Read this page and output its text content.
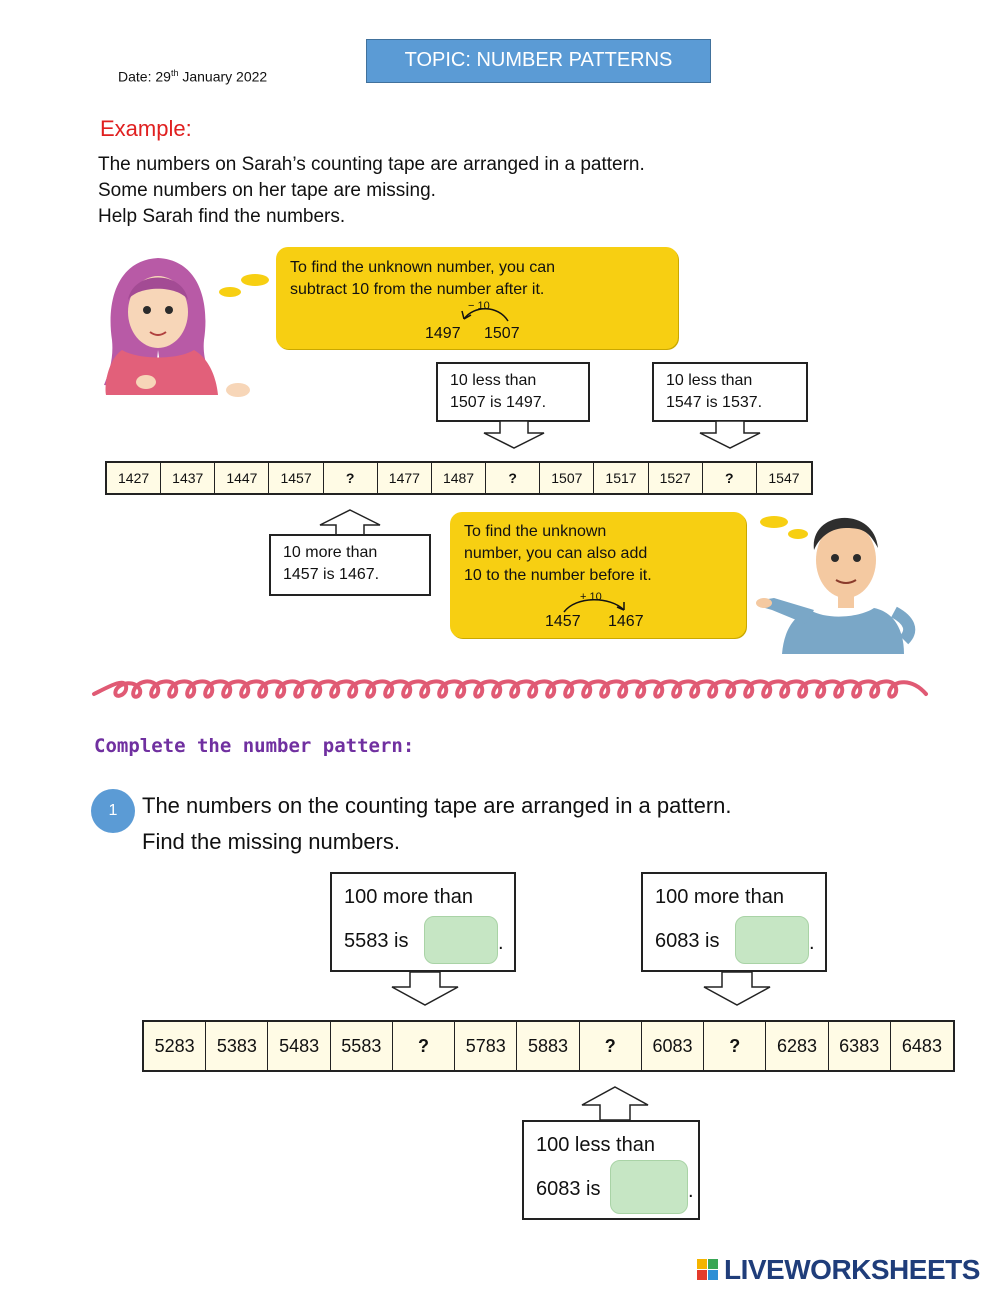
TOPIC: NUMBER PATTERNS
Date: 29th January 2022
Example:
The numbers on Sarah’s counting tape are arranged in a pattern.
Some numbers on her tape are missing.
Help Sarah find the numbers.
To find the unknown number, you can
subtract 10 from the number after it.
− 10
1497 1507
10 less than
1507 is 1497.
10 less than
1547 is 1537.
1427	1437	1447	1457	?	1477	1487	?	1507	1517	1527	?	1547
10 more than
1457 is 1467.
To find the unknown
number, you can also add
10 to the number before it.
+ 10
1457 1467
Complete the number pattern:
1	The numbers on the counting tape are arranged in a pattern.
Find the missing numbers.
100 more than
5583 is	.
100 more than
6083 is	.
5283	5383	5483	5583	?	5783	5883	?	6083	?	6283	6383	6483
100 less than
6083 is	.
LIVEWORKSHEETS
